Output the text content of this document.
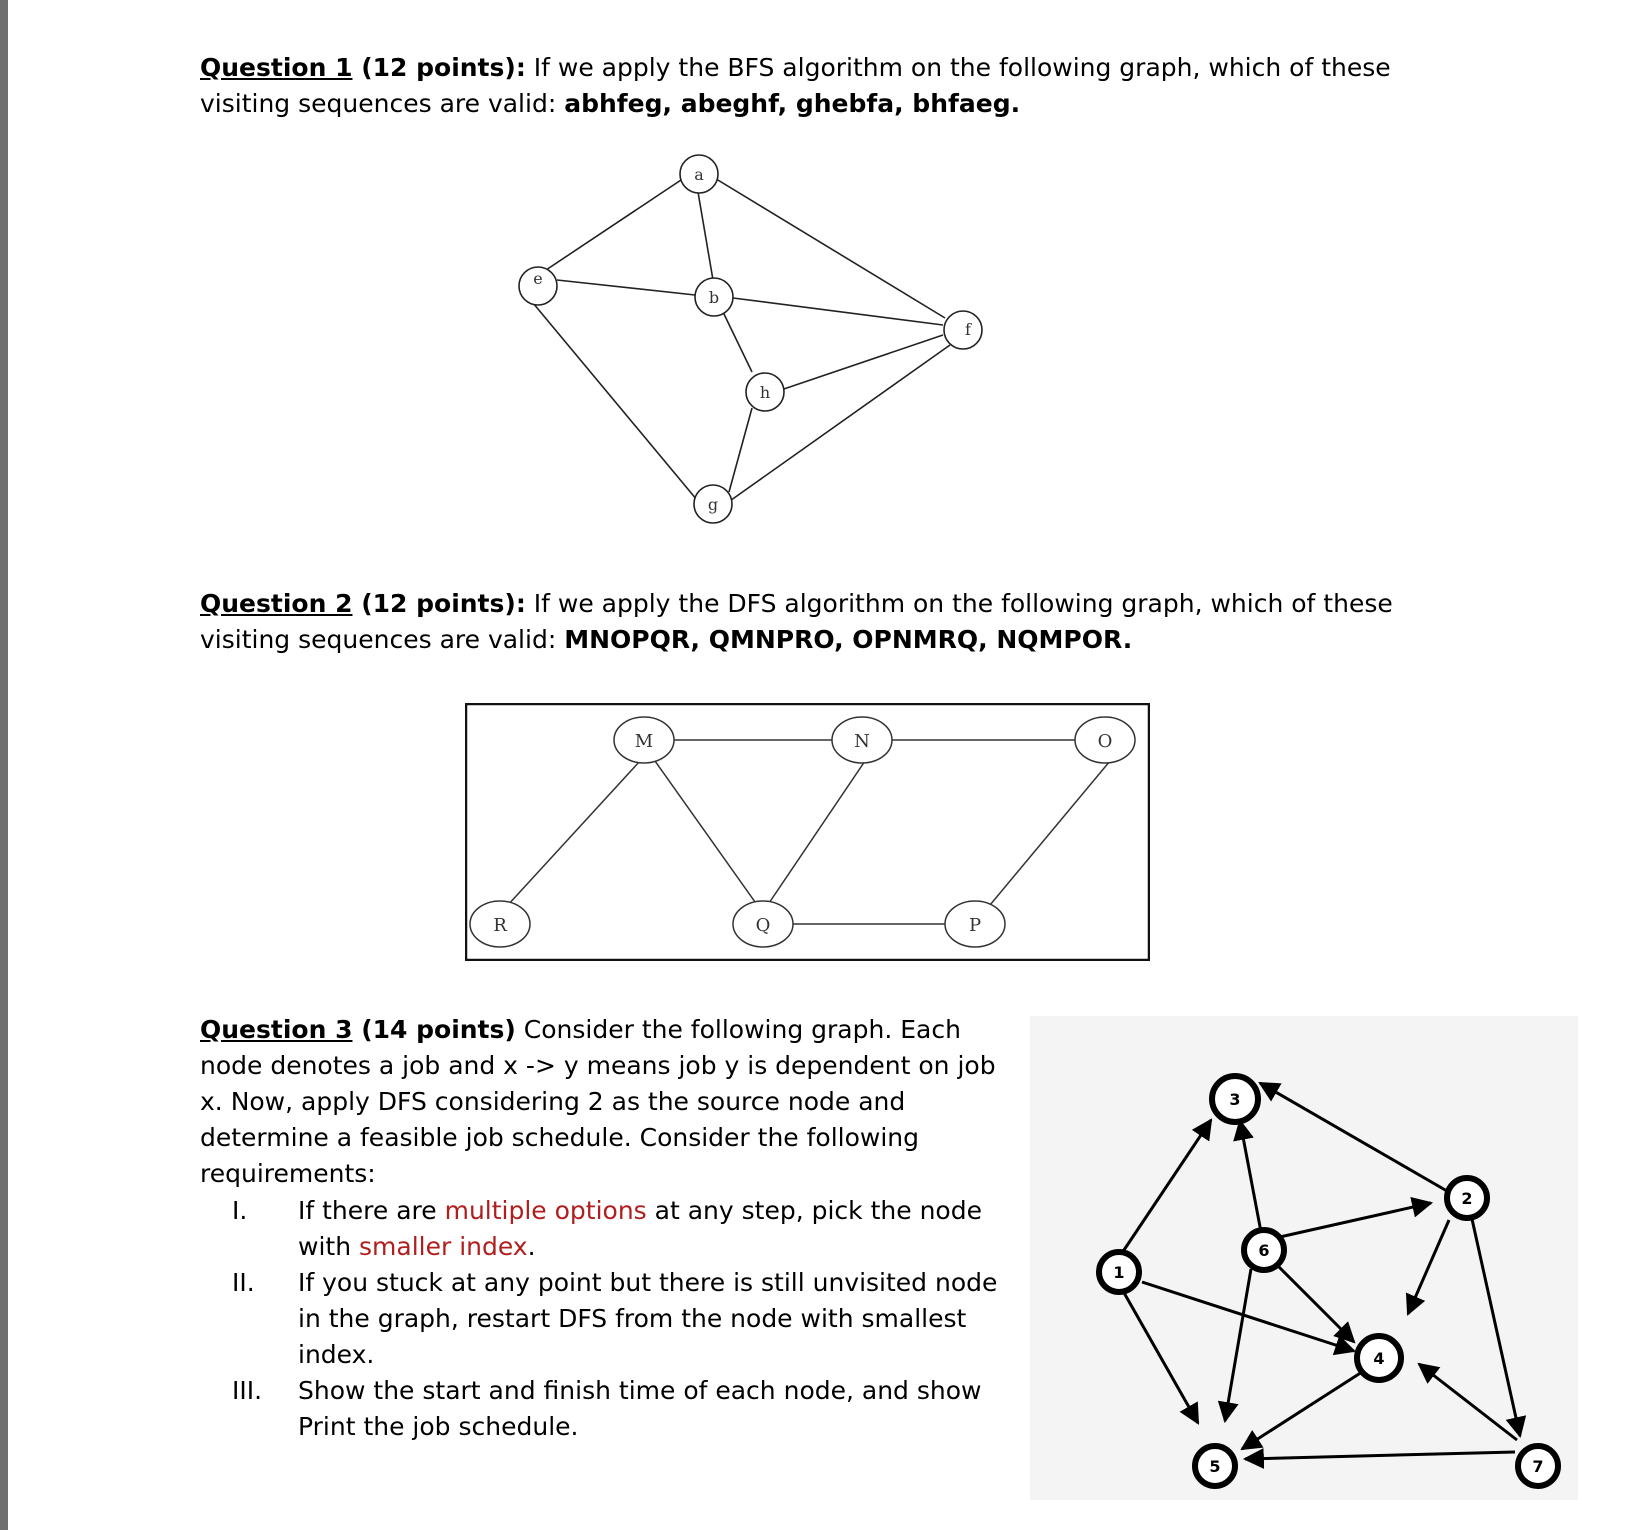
Question 1 (12 points): If we apply the BFS algorithm on the following graph, which of these visiting sequences are valid: abhfeg, abeghf, ghebfa, bhfaeg.
a
e
b
f
h
g
Question 2 (12 points): If we apply the DFS algorithm on the following graph, which of these visiting sequences are valid: MNOPQR, QMNPRO, OPNMRQ, NQMPOR.
M	N	O
R	Q	P
Question 3 (14 points) Consider the following graph. Each node denotes a job and x -> y means job y is dependent on job x. Now, apply DFS considering 2 as the source node and determine a feasible job schedule. Consider the following requirements:
I. If there are multiple options at any step, pick the node with smaller index.
II. If you stuck at any point but there is still unvisited node in the graph, restart DFS from the node with smallest index.
III. Show the start and finish time of each node, and show Print the job schedule.
3
2
6
1
4
5	7
